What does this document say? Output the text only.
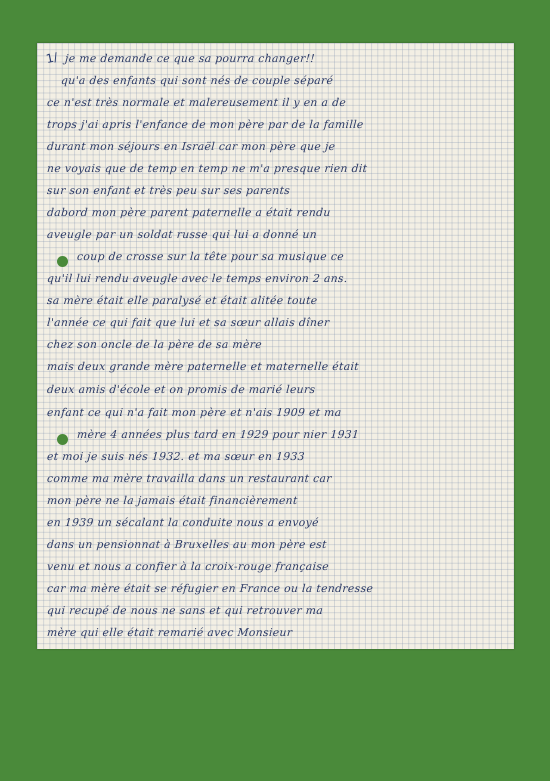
1/ je me demande ce que sa pourra changer!!
qu'a des enfants qui sont nés de couple séparé
ce n'est très normale et malereusement il y en a de
trops j'ai apris l'enfance de mon père par de la famille
durant mon séjours en Israël car mon père que je
ne voyais que de temp en temp ne m'a presque rien dit
sur son enfant et très peu sur ses parents
dabord mon père parent paternelle a était rendu
aveugle par un soldat russe qui lui a donné un
coup de crosse sur la tête pour sa musique ce
qu'il lui rendu aveugle avec le temps environ 2 ans.
sa mère était elle paralysé et était alitée toute
l'année ce qui fait que lui et sa sœur allais dîner
chez son oncle de la père de sa mère
mais deux grande mère paternelle et maternelle était
deux amis d'école et on promis de marié leurs
enfant ce qui n'a fait mon père et n'ais 1909 et ma
mère 4 années plus tard en 1929 pour nier 1931
et moi je suis nés 1932. et ma sœur en 1933
comme ma mère travailla dans un restaurant car
mon père ne la jamais était financièrement
en 1939 un sécalant la conduite nous a envoyé
dans un pensionnat à Bruxelles au mon père est
venu et nous a confier à la croix-rouge française
car ma mère était se réfugier en France ou la tendresse
qui recupé de nous ne sans et qui retrouver ma
mère qui elle était remarié avec Monsieur
